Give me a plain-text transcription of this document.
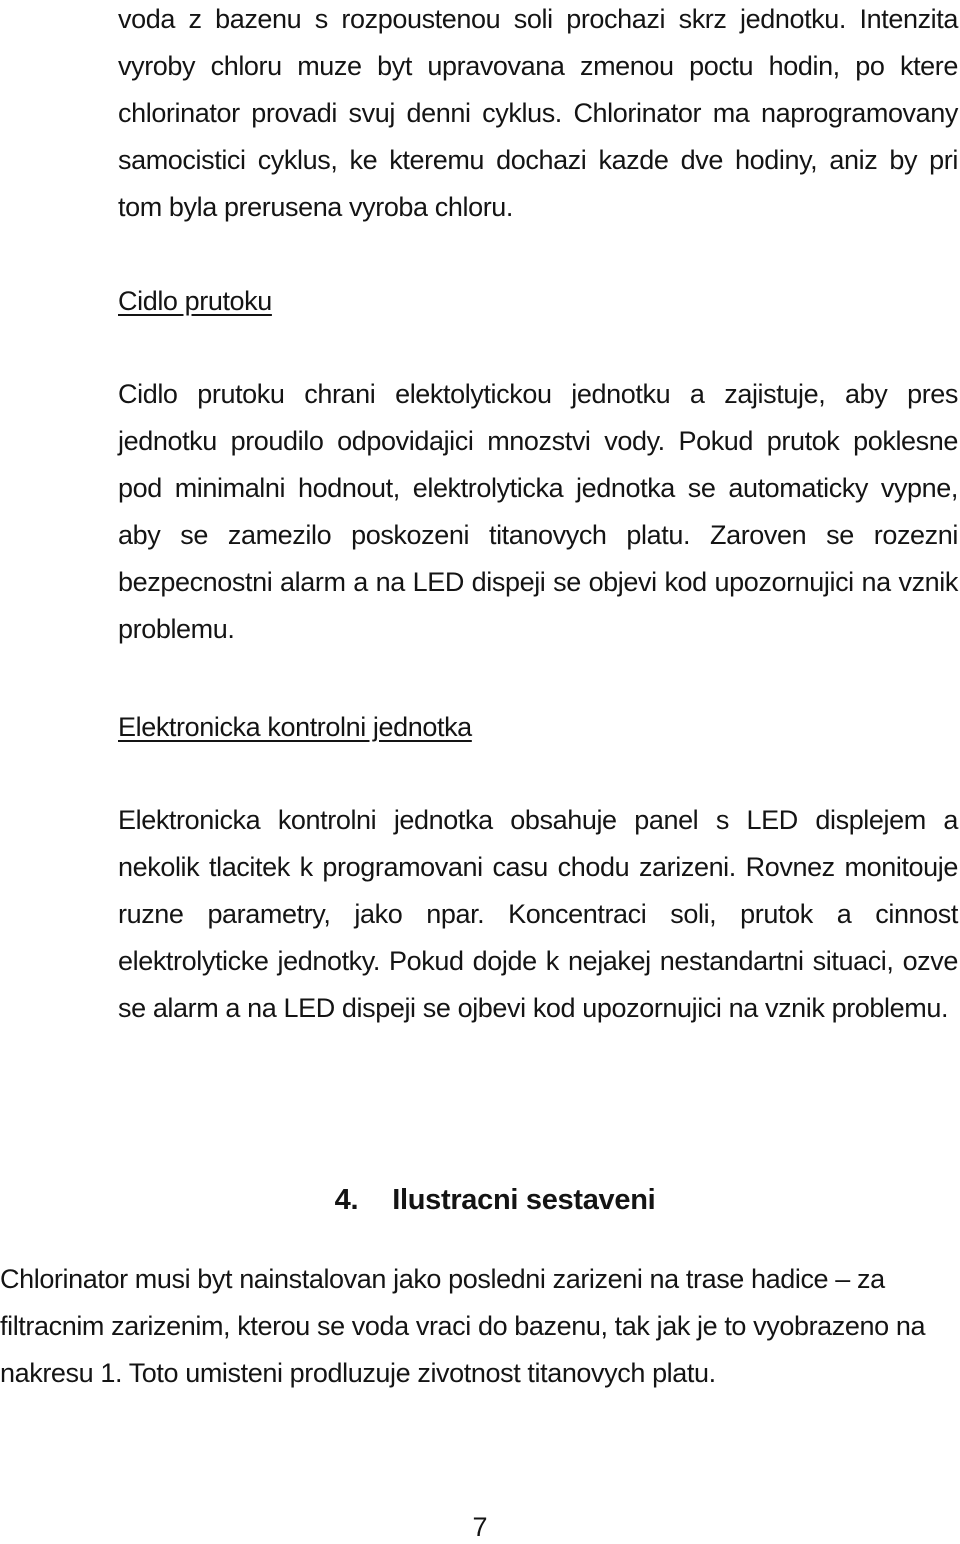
voda z bazenu s rozpoustenou soli prochazi skrz jednotku. Intenzita vyroby chloru muze byt upravovana zmenou poctu hodin, po ktere chlorinator provadi svuj denni cyklus. Chlorinator ma naprogramovany samocistici cyklus, ke kteremu dochazi kazde dve hodiny, aniz by pri tom byla prerusena vyroba chloru.

Cidlo prutoku

Cidlo prutoku chrani elektolytickou jednotku a zajistuje, aby pres jednotku proudilo odpovidajici mnozstvi vody. Pokud prutok poklesne pod minimalni hodnout, elektrolyticka jednotka se automaticky vypne, aby se zamezilo poskozeni titanovych platu. Zaroven se rozezni bezpecnostni alarm a na LED dispeji se objevi kod upozornujici na vznik problemu.

Elektronicka kontrolni jednotka

Elektronicka kontrolni jednotka obsahuje panel s LED displejem a nekolik tlacitek k programovani casu chodu zarizeni. Rovnez monitouje ruzne parametry, jako npar. Koncentraci soli, prutok a cinnost elektrolyticke jednotky. Pokud dojde k nejakej nestandartni situaci, ozve se alarm a na LED dispeji se ojbevi kod upozornujici na vznik problemu.

4. Ilustracni sestaveni

Chlorinator musi byt nainstalovan jako posledni zarizeni na trase hadice – za filtracnim zarizenim, kterou se voda vraci do bazenu, tak jak je to vyobrazeno na nakresu 1. Toto umisteni prodluzuje zivotnost titanovych platu.

7
